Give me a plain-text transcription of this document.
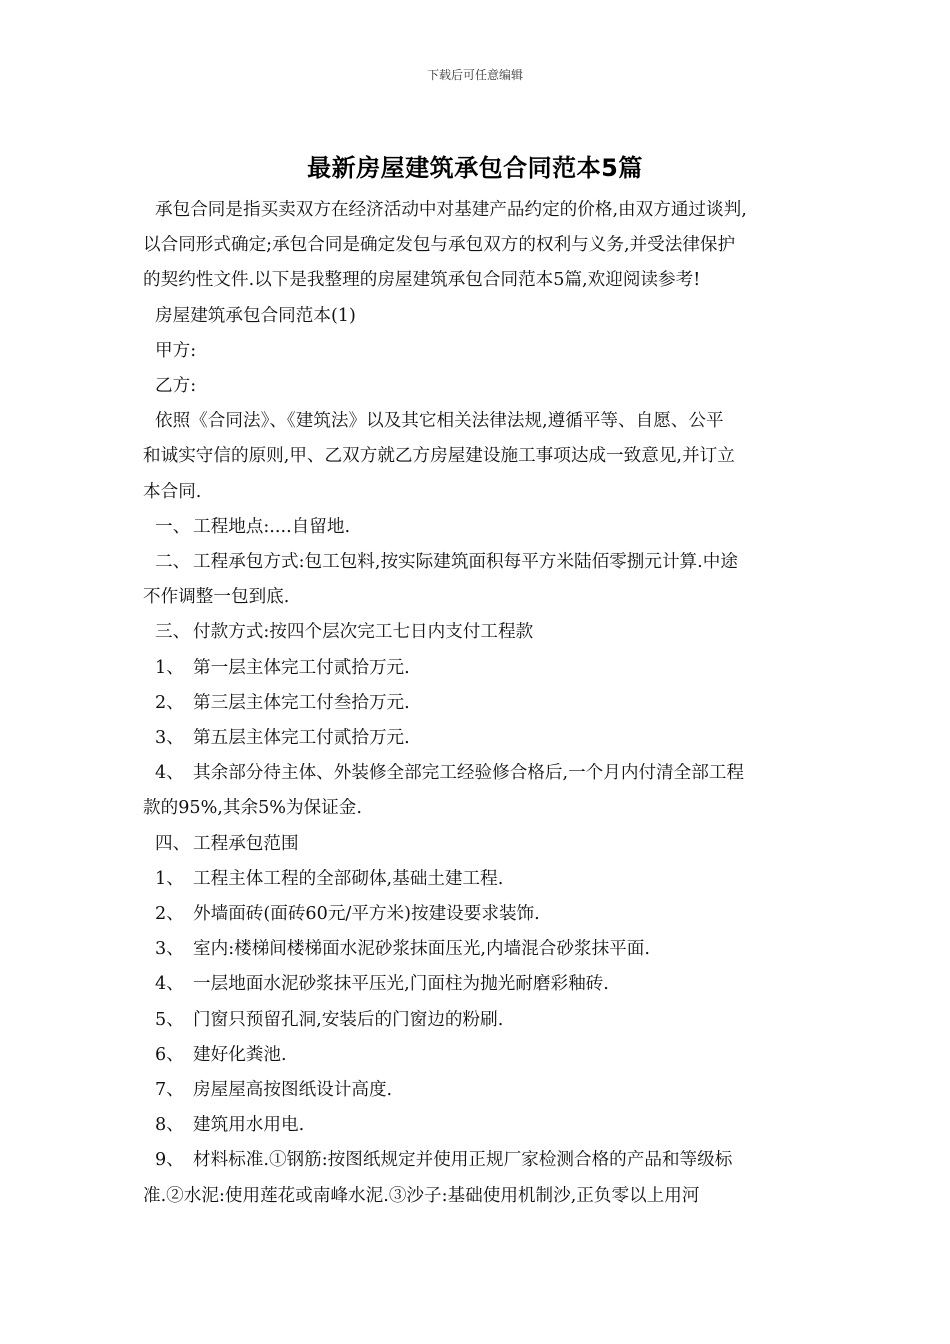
下载后可任意编辑
最新房屋建筑承包合同范本5篇

承包合同是指买卖双方在经济活动中对基建产品约定的价格,由双方通过谈判,

以合同形式确定;承包合同是确定发包与承包双方的权利与义务,并受法律保护

的契约性文件.以下是我整理的房屋建筑承包合同范本5篇,欢迎阅读参考!

房屋建筑承包合同范本(1)

甲方:

乙方:

依照《合同法》、《建筑法》以及其它相关法律法规,遵循平等、自愿、公平

和诚实守信的原则,甲、乙双方就乙方房屋建设施工事项达成一致意见,并订立

本合同.

一、 工程地点:....自留地.

二、 工程承包方式:包工包料,按实际建筑面积每平方米陆佰零捌元计算.中途

不作调整一包到底.

三、 付款方式:按四个层次完工七日内支付工程款

1、 第一层主体完工付贰拾万元.

2、 第三层主体完工付叁拾万元.

3、 第五层主体完工付贰拾万元.

4、 其余部分待主体、外装修全部完工经验修合格后,一个月内付清全部工程

款的95%,其余5%为保证金.

四、 工程承包范围

1、 工程主体工程的全部砌体,基础土建工程.

2、 外墙面砖(面砖60元/平方米)按建设要求装饰.

3、 室内:楼梯间楼梯面水泥砂浆抹面压光,内墙混合砂浆抹平面.

4、 一层地面水泥砂浆抹平压光,门面柱为抛光耐磨彩釉砖.

5、 门窗只预留孔洞,安装后的门窗边的粉刷.

6、 建好化粪池.

7、 房屋屋高按图纸设计高度.

8、 建筑用水用电.

9、 材料标准.①钢筋:按图纸规定并使用正规厂家检测合格的产品和等级标

准.②水泥:使用莲花或南峰水泥.③沙子:基础使用机制沙,正负零以上用河
